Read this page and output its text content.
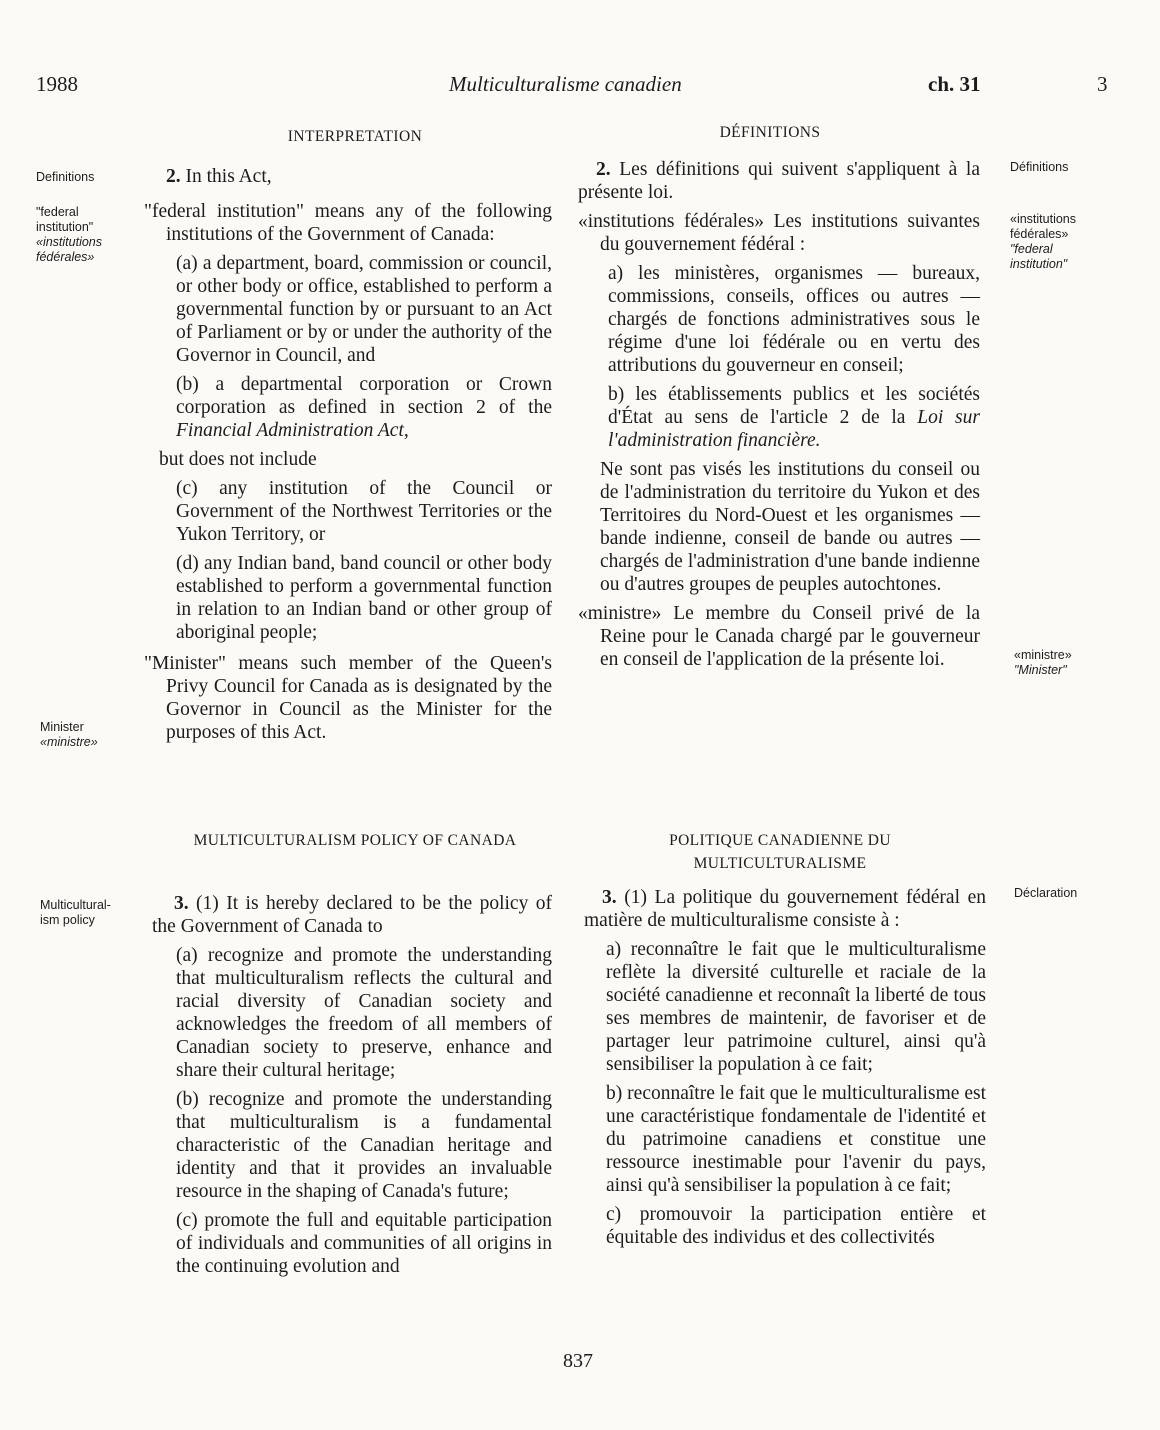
1988	Multiculturalisme canadien	ch. 31	3
INTERPRETATION	DÉFINITIONS
MULTICULTURALISM POLICY OF CANADA	POLITIQUE CANADIENNE DU
MULTICULTURALISME
Definitions
"federal
institution"
«institutions
fédérales»
Minister
«ministre»
Multicultural-
ism policy
Définitions
«institutions
fédérales»
"federal
institution"
«ministre»
"Minister"
Déclaration

2. In this Act,

"federal institution" means any of the following institutions of the Government of Canada:

(a) a department, board, commission or council, or other body or office, established to perform a governmental function by or pursuant to an Act of Parliament or by or under the authority of the Governor in Council, and

(b) a departmental corporation or Crown corporation as defined in section 2 of the Financial Administration Act,

but does not include

(c) any institution of the Council or Government of the Northwest Territories or the Yukon Territory, or

(d) any Indian band, band council or other body established to perform a governmental function in relation to an Indian band or other group of aboriginal people;

"Minister" means such member of the Queen's Privy Council for Canada as is designated by the Governor in Council as the Minister for the purposes of this Act.

3. (1) It is hereby declared to be the policy of the Government of Canada to

(a) recognize and promote the understanding that multiculturalism reflects the cultural and racial diversity of Canadian society and acknowledges the freedom of all members of Canadian society to preserve, enhance and share their cultural heritage;

(b) recognize and promote the understanding that multiculturalism is a fundamental characteristic of the Canadian heritage and identity and that it provides an invaluable resource in the shaping of Canada's future;

(c) promote the full and equitable participation of individuals and communities of all origins in the continuing evolution and

2. Les définitions qui suivent s'appliquent à la présente loi.

«institutions fédérales» Les institutions suivantes du gouvernement fédéral :

a) les ministères, organismes — bureaux, commissions, conseils, offices ou autres — chargés de fonctions administratives sous le régime d'une loi fédérale ou en vertu des attributions du gouverneur en conseil;

b) les établissements publics et les sociétés d'État au sens de l'article 2 de la Loi sur l'administration financière.

Ne sont pas visés les institutions du conseil ou de l'administration du territoire du Yukon et des Territoires du Nord-Ouest et les organismes — bande indienne, conseil de bande ou autres — chargés de l'administration d'une bande indienne ou d'autres groupes de peuples autochtones.

«ministre» Le membre du Conseil privé de la Reine pour le Canada chargé par le gouverneur en conseil de l'application de la présente loi.

3. (1) La politique du gouvernement fédéral en matière de multiculturalisme consiste à :

a) reconnaître le fait que le multiculturalisme reflète la diversité culturelle et raciale de la société canadienne et reconnaît la liberté de tous ses membres de maintenir, de favoriser et de partager leur patrimoine culturel, ainsi qu'à sensibiliser la population à ce fait;

b) reconnaître le fait que le multiculturalisme est une caractéristique fondamentale de l'identité et du patrimoine canadiens et constitue une ressource inestimable pour l'avenir du pays, ainsi qu'à sensibiliser la population à ce fait;

c) promouvoir la participation entière et équitable des individus et des collectivités

837
